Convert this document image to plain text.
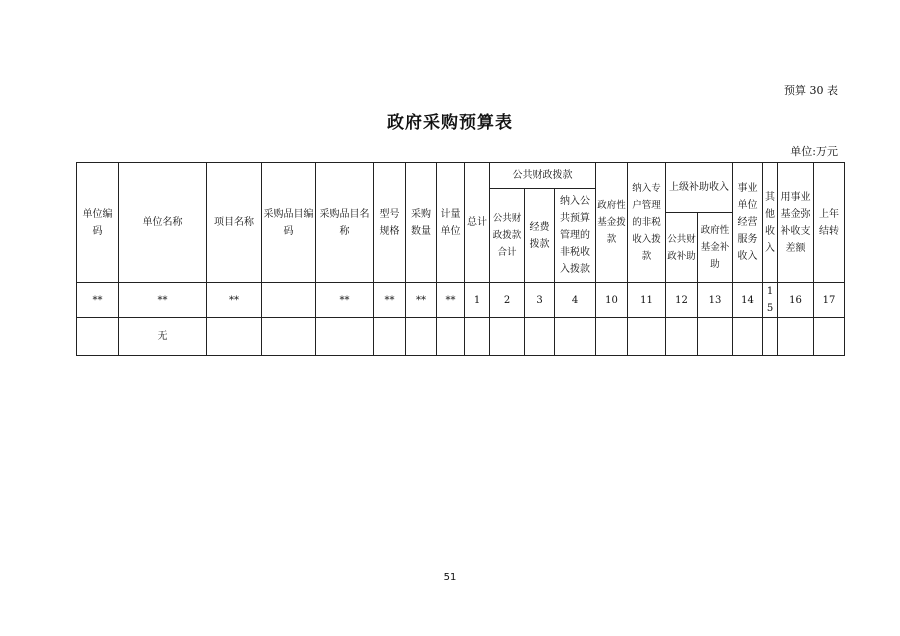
预算 30 表
政府采购预算表
单位:万元
单位编码	单位名称	项目名称	采购品目编码	采购品目名称	型号规格	采购数量	计量单位	总计	公共财政拨款			政府性基金拨款	纳入专户管理的非税收入拨款	上级补助收入		事业单位经营服务收入	其他收入	用事业基金弥补收支差额	上年结转
									公共财政拨款合计	经费拨款	纳入公共预算管理的非税收入拨款								
														公共财政补助	政府性基金补助				
**	**	**		**	**	**	**	1	2	3	4	10	11	12	13	14	15	16	17
	无																		
51
